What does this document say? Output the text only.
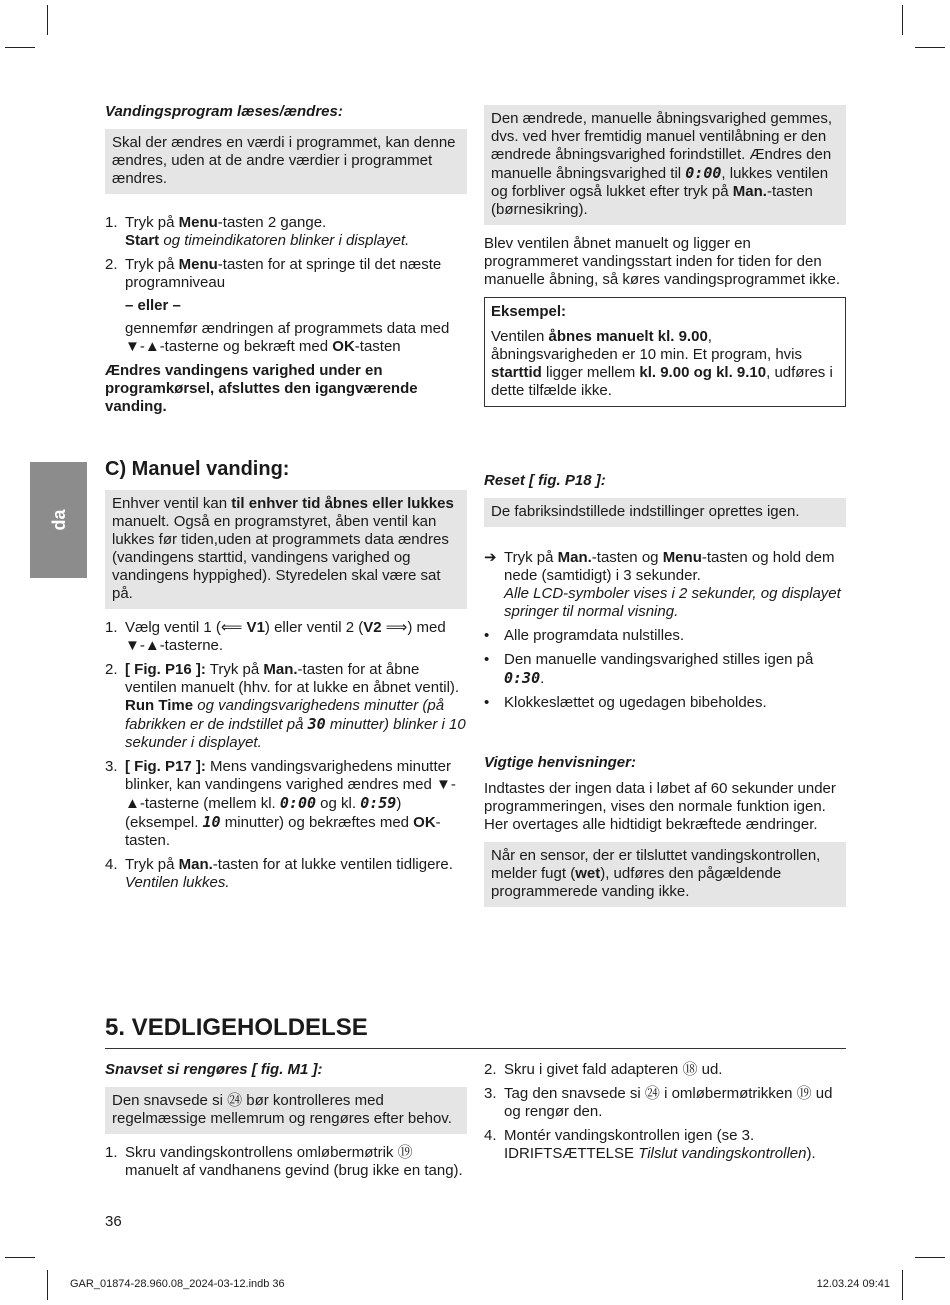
da
Vandingsprogram læses/ændres:
Skal der ændres en værdi i programmet, kan denne ændres, uden at de andre værdier i programmet ændres.
1. Tryk på Menu-tasten 2 gange.
Start og timeindikatoren blinker i displayet.
2. Tryk på Menu-tasten for at springe til det næste programniveau
– eller –
gennemfør ændringen af programmets data med ▼-▲-tasterne og bekræft med OK-tasten
Ændres vandingens varighed under en programkørsel, afsluttes den igangværende vanding.
Den ændrede, manuelle åbningsvarighed gemmes, dvs. ved hver fremtidig manuel ventilåbning er den ændrede åbningsvarighed forindstillet. Ændres den manuelle åbningsvarighed til 0:00, lukkes ventilen og forbliver også lukket efter tryk på Man.-tasten (børnesikring).
Blev ventilen åbnet manuelt og ligger en programmeret vandingsstart inden for tiden for den manuelle åbning, så køres vandingsprogrammet ikke.
Eksempel:
Ventilen åbnes manuelt kl. 9.00, åbningsvarigheden er 10 min. Et program, hvis starttid ligger mellem kl. 9.00 og kl. 9.10, udføres i dette tilfælde ikke.
C) Manuel vanding:
Enhver ventil kan til enhver tid åbnes eller lukkes manuelt. Også en programstyret, åben ventil kan lukkes før tiden,uden at programmets data ændres (vandingens starttid, vandingens varighed og vandingens hyppighed). Styredelen skal være sat på.
1. Vælg ventil 1 (⟸ V1) eller ventil 2 (V2 ⟹) med ▼-▲-tasterne.
2. [ Fig. P16 ]: Tryk på Man.-tasten for at åbne ventilen manuelt (hhv. for at lukke en åbnet ventil).
Run Time og vandingsvarighedens minutter (på fabrikken er de indstillet på 30 minutter) blinker i 10 sekunder i displayet.
3. [ Fig. P17 ]: Mens vandingsvarighedens minutter blinker, kan vandingens varighed ændres med ▼-▲-tasterne (mellem kl. 0:00 og kl. 0:59) (eksempel. 10 minutter) og bekræftes med OK-tasten.
4. Tryk på Man.-tasten for at lukke ventilen tidligere.
Ventilen lukkes.
Reset [ fig. P18 ]:
De fabriksindstillede indstillinger oprettes igen.
➔ Tryk på Man.-tasten og Menu-tasten og hold dem nede (samtidigt) i 3 sekunder.
Alle LCD-symboler vises i 2 sekunder, og displayet springer til normal visning.
• Alle programdata nulstilles.
• Den manuelle vandingsvarighed stilles igen på 0:30.
• Klokkeslættet og ugedagen bibeholdes.
Vigtige henvisninger:
Indtastes der ingen data i løbet af 60 sekunder under programmeringen, vises den normale funktion igen. Her overtages alle hidtidigt bekræftede ændringer.
Når en sensor, der er tilsluttet vandingskontrollen, melder fugt (wet), udføres den pågældende programmerede vanding ikke.
5. VEDLIGEHOLDELSE
Snavset si rengøres [ fig. M1 ]:
Den snavsede si ㉔ bør kontrolleres med regelmæssige mellemrum og rengøres efter behov.
1. Skru vandingskontrollens omløbermøtrik ⑲ manuelt af vandhanens gevind (brug ikke en tang).
2. Skru i givet fald adapteren ⑱ ud.
3. Tag den snavsede si ㉔ i omløbermøtrikken ⑲ ud og rengør den.
4. Montér vandingskontrollen igen (se 3. IDRIFTSÆTTELSE Tilslut vandingskontrollen).
36
GAR_01874-28.960.08_2024-03-12.indb 36	12.03.24 09:41
